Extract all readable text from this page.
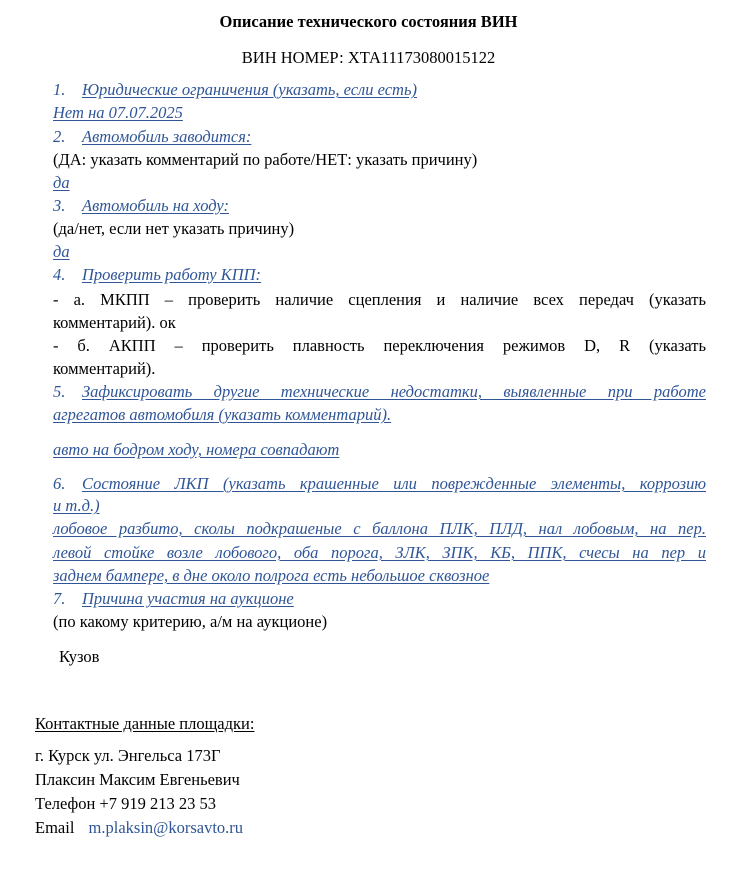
Описание технического состояния ВИН
ВИН НОМЕР: ХТА11173080015122
1. Юридические ограничения (указать, если есть)
Нет на 07.07.2025
2. Автомобиль заводится:
(ДА: указать комментарий по работе/НЕТ: указать причину)
да
3. Автомобиль на ходу:
(да/нет, если нет указать причину)
да
4. Проверить работу КПП:
- а. МКПП – проверить наличие сцепления и наличие всех передач (указать
комментарий). ок
- б. АКПП – проверить плавность переключения режимов D, R (указать
комментарий).
5. Зафиксировать другие технические недостатки, выявленные при работе
агрегатов автомобиля (указать комментарий).
авто на бодром ходу, номера совпадают
6. Состояние ЛКП (указать крашенные или поврежденные элементы, коррозию
и т.д.)
лобовое разбито, сколы подкрашеные с баллона ПЛК, ПЛД, нал лобовым, на пер.
левой стойке возле лобового, оба порога, ЗЛК, ЗПК, КБ, ППК, счесы на пер и
заднем бампере, в дне около полрога есть небольшое сквозное
7. Причина участия на аукционе
(по какому критерию, а/м на аукционе)
Кузов
Контактные данные площадки:
г. Курск ул. Энгельса 173Г
Плаксин Максим Евгеньевич
Телефон +7 919 213 23 53
Email m.plaksin@korsavto.ru
